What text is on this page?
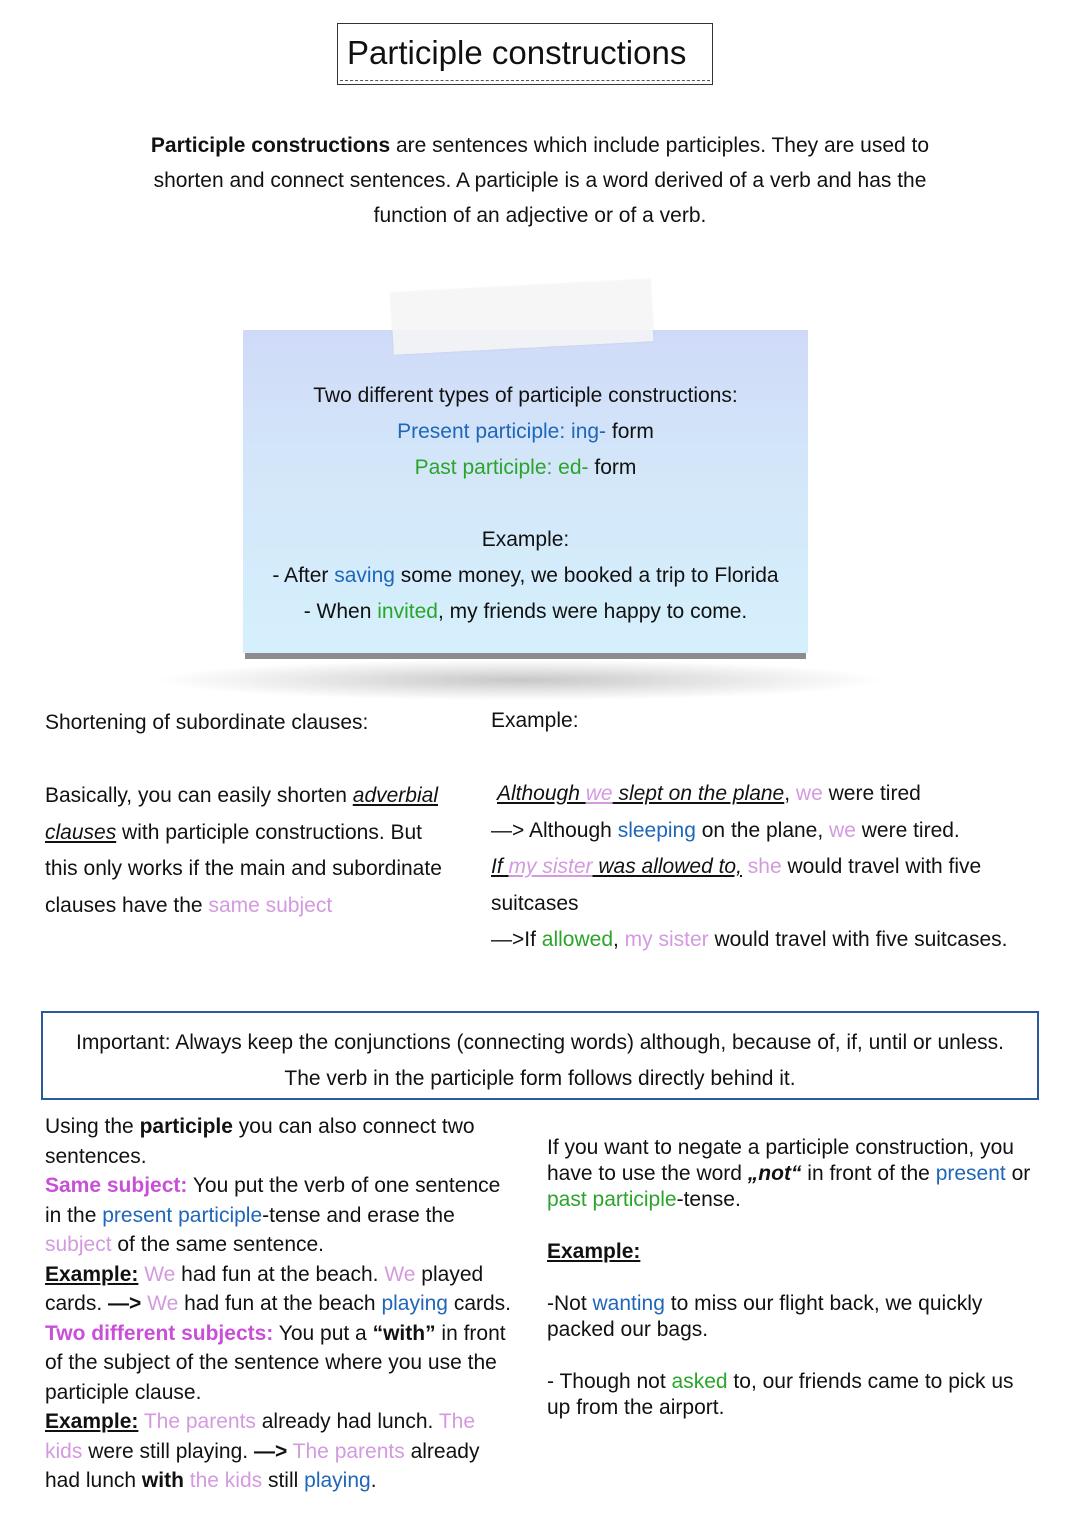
Participle constructions
Participle constructions are sentences which include participles. They are used to shorten and connect sentences. A participle is a word derived of a verb and has the function of an adjective or of a verb.
Two different types of participle constructions:
Present participle: ing- form
Past participle: ed- form
Example:
- After saving some money, we booked a trip to Florida
- When invited, my friends were happy to come.
Shortening of subordinate clauses:
Basically, you can easily shorten adverbial clauses with participle constructions. But this only works if the main and subordinate clauses have the same subject
Example:
Although we slept on the plane, we were tired
—> Although sleeping on the plane, we were tired.
If my sister was allowed to, she would travel with five suitcases
—>If allowed, my sister would travel with five suitcases.
Important: Always keep the conjunctions (connecting words) although, because of, if, until or unless.
The verb in the participle form follows directly behind it.
Using the participle you can also connect two sentences.
Same subject: You put the verb of one sentence in the present participle-tense and erase the subject of the same sentence.
Example: We had fun at the beach. We played cards. —> We had fun at the beach playing cards.
Two different subjects: You put a “with” in front of the subject of the sentence where you use the participle clause.
Example: The parents already had lunch. The kids were still playing. —> The parents already had lunch with the kids still playing.
If you want to negate a participle construction, you have to use the word „not“ in front of the present or past participle-tense.
Example:
-Not wanting to miss our flight back, we quickly packed our bags.
- Though not asked to, our friends came to pick us up from the airport.
